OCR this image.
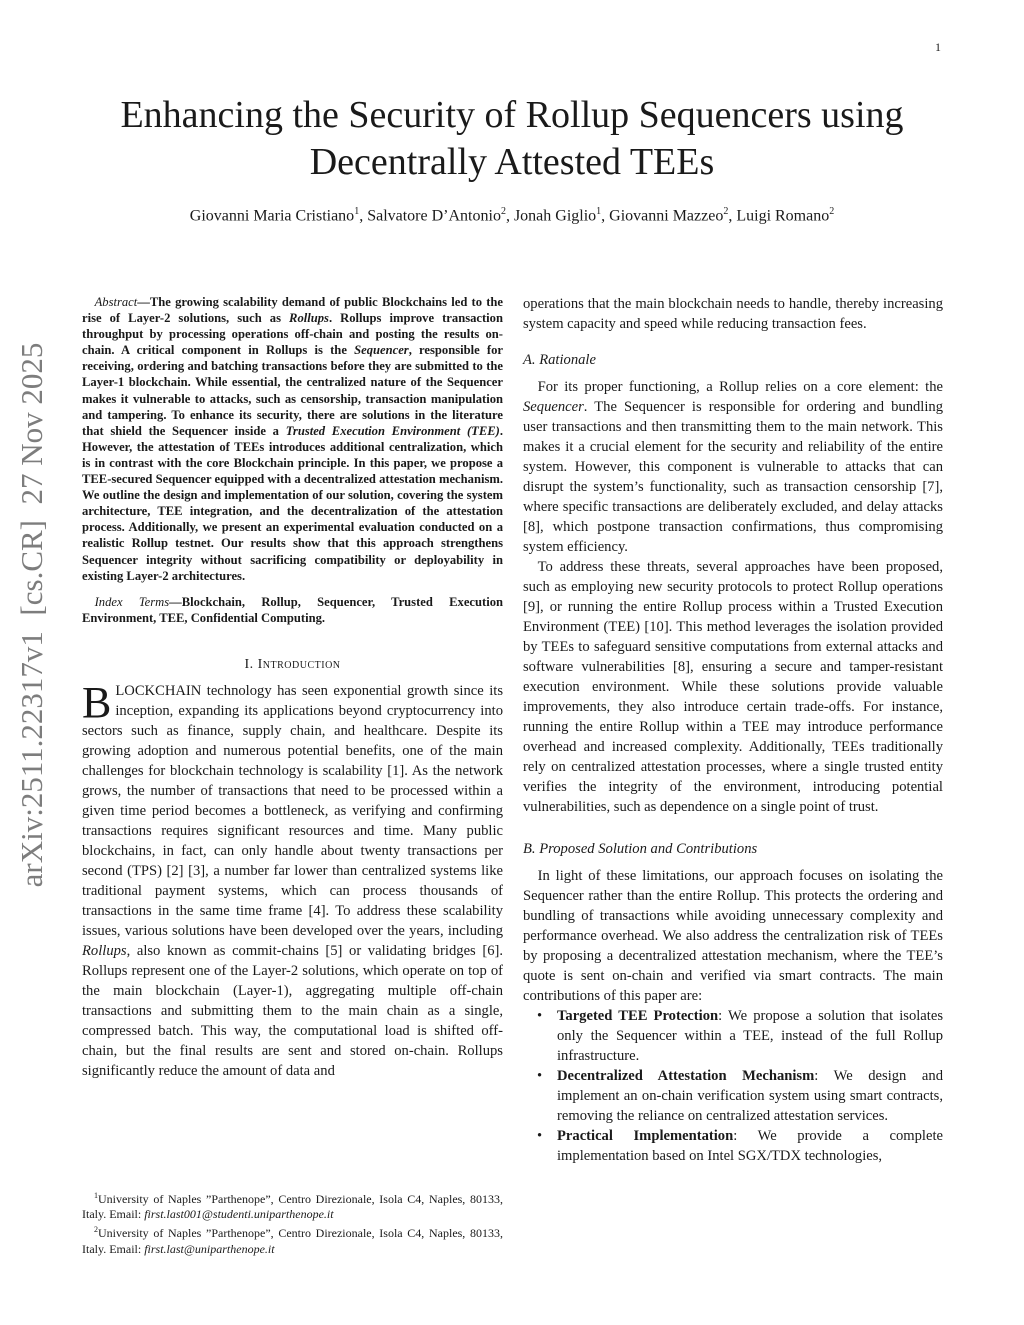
1
arXiv:2511.22317v1  [cs.CR]  27 Nov 2025
Enhancing the Security of Rollup Sequencers using Decentrally Attested TEEs
Giovanni Maria Cristiano$^1$, Salvatore D’Antonio$^2$, Jonah Giglio$^1$, Giovanni Mazzeo$^2$, Luigi Romano$^2$

Abstract—The growing scalability demand of public Blockchains led to the rise of Layer-2 solutions, such as Rollups. Rollups improve transaction throughput by processing operations off-chain and posting the results on-chain. A critical component in Rollups is the Sequencer, responsible for receiving, ordering and batching transactions before they are submitted to the Layer-1 blockchain. While essential, the centralized nature of the Sequencer makes it vulnerable to attacks, such as censorship, transaction manipulation and tampering. To enhance its security, there are solutions in the literature that shield the Sequencer inside a Trusted Execution Environment (TEE). However, the attestation of TEEs introduces additional centralization, which is in contrast with the core Blockchain principle. In this paper, we propose a TEE-secured Sequencer equipped with a decentralized attestation mechanism. We outline the design and implementation of our solution, covering the system architecture, TEE integration, and the decentralization of the attestation process. Additionally, we present an experimental evaluation conducted on a realistic Rollup testnet. Our results show that this approach strengthens Sequencer integrity without sacrificing compatibility or deployability in existing Layer-2 architectures.

Index Terms—Blockchain, Rollup, Sequencer, Trusted Execution Environment, TEE, Confidential Computing.

I. Introduction

BLOCKCHAIN technology has seen exponential growth since its inception, expanding its applications beyond cryptocurrency into sectors such as finance, supply chain, and healthcare. Despite its growing adoption and numerous potential benefits, one of the main challenges for blockchain technology is scalability [1]. As the network grows, the number of transactions that need to be processed within a given time period becomes a bottleneck, as verifying and confirming transactions requires significant resources and time. Many public blockchains, in fact, can only handle about twenty transactions per second (TPS) [2] [3], a number far lower than centralized systems like traditional payment systems, which can process thousands of transactions in the same time frame [4]. To address these scalability issues, various solutions have been developed over the years, including Rollups, also known as commit-chains [5] or validating bridges [6]. Rollups represent one of the Layer-2 solutions, which operate on top of the main blockchain (Layer-1), aggregating multiple off-chain transactions and submitting them to the main chain as a single, compressed batch. This way, the computational load is shifted off-chain, but the final results are sent and stored on-chain. Rollups significantly reduce the amount of data and

$^1$University of Naples ”Parthenope”, Centro Direzionale, Isola C4, Naples, 80133, Italy. Email: first.last001@studenti.uniparthenope.it

$^2$University of Naples ”Parthenope”, Centro Direzionale, Isola C4, Naples, 80133, Italy. Email: first.last@uniparthenope.it

operations that the main blockchain needs to handle, thereby increasing system capacity and speed while reducing transaction fees.

A. Rationale

For its proper functioning, a Rollup relies on a core element: the Sequencer. The Sequencer is responsible for ordering and bundling user transactions and then transmitting them to the main network. This makes it a crucial element for the security and reliability of the entire system. However, this component is vulnerable to attacks that can disrupt the system’s functionality, such as transaction censorship [7], where specific transactions are deliberately excluded, and delay attacks [8], which postpone transaction confirmations, thus compromising system efficiency.

To address these threats, several approaches have been proposed, such as employing new security protocols to protect Rollup operations [9], or running the entire Rollup process within a Trusted Execution Environment (TEE) [10]. This method leverages the isolation provided by TEEs to safeguard sensitive computations from external attacks and software vulnerabilities [8], ensuring a secure and tamper-resistant execution environment. While these solutions provide valuable improvements, they also introduce certain trade-offs. For instance, running the entire Rollup within a TEE may introduce performance overhead and increased complexity. Additionally, TEEs traditionally rely on centralized attestation processes, where a single trusted entity verifies the integrity of the environment, introducing potential vulnerabilities, such as dependence on a single point of trust.

B. Proposed Solution and Contributions

In light of these limitations, our approach focuses on isolating the Sequencer rather than the entire Rollup. This protects the ordering and bundling of transactions while avoiding unnecessary complexity and performance overhead. We also address the centralization risk of TEEs by proposing a decentralized attestation mechanism, where the TEE’s quote is sent on-chain and verified via smart contracts. The main contributions of this paper are:

• Targeted TEE Protection: We propose a solution that isolates only the Sequencer within a TEE, instead of the full Rollup infrastructure.
• Decentralized Attestation Mechanism: We design and implement an on-chain verification system using smart contracts, removing the reliance on centralized attestation services.
• Practical Implementation: We provide a complete implementation based on Intel SGX/TDX technologies,
